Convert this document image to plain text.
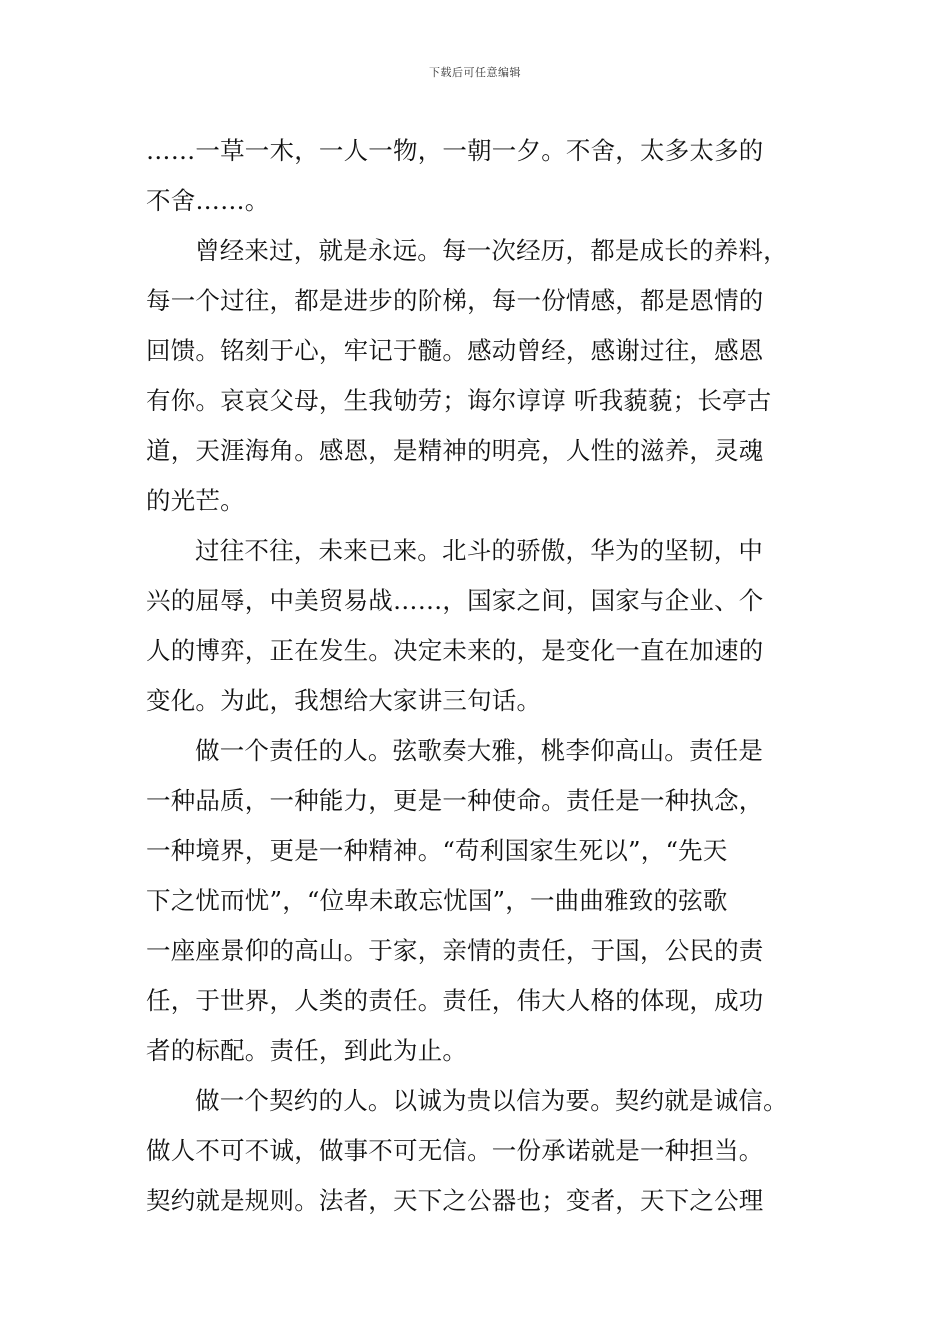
下载后可任意编辑
……一草一木，一人一物，一朝一夕。不舍，太多太多的
不舍……。
曾经来过，就是永远。每一次经历，都是成长的养料，
每一个过往，都是进步的阶梯，每一份情感，都是恩情的
回馈。铭刻于心，牢记于髓。感动曾经，感谢过往，感恩
有你。哀哀父母，生我劬劳；诲尔谆谆 听我藐藐；长亭古
道，天涯海角。感恩，是精神的明亮，人性的滋养，灵魂
的光芒。
过往不往，未来已来。北斗的骄傲，华为的坚韧，中
兴的屈辱，中美贸易战……，国家之间，国家与企业、个
人的博弈，正在发生。决定未来的，是变化一直在加速的
变化。为此，我想给大家讲三句话。
做一个责任的人。弦歌奏大雅，桃李仰高山。责任是
一种品质，一种能力，更是一种使命。责任是一种执念，
一种境界，更是一种精神。“苟利国家生死以”，“先天
下之忧而忧”，“位卑未敢忘忧国”，一曲曲雅致的弦歌
一座座景仰的高山。于家，亲情的责任，于国，公民的责
任，于世界，人类的责任。责任，伟大人格的体现，成功
者的标配。责任，到此为止。
做一个契约的人。以诚为贵以信为要。契约就是诚信。
做人不可不诚，做事不可无信。一份承诺就是一种担当。
契约就是规则。法者，天下之公器也；变者，天下之公理
